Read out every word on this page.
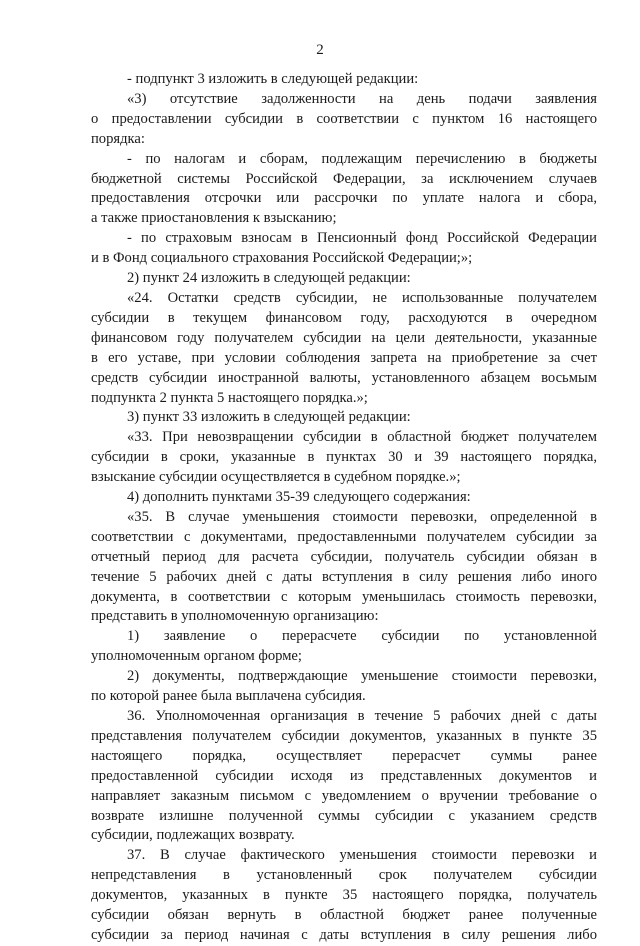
2

- подпункт 3 изложить в следующей редакции:

«3)   отсутствие   задолженности   на   день   подачи   заявления

о предоставлении субсидии в соответствии с пунктом 16 настоящего

порядка:

- по налогам и сборам, подлежащим перечислению в бюджеты

бюджетной системы Российской Федерации, за исключением случаев

предоставления отсрочки или рассрочки по уплате налога и сбора,

а также приостановления к взысканию;

- по страховым взносам в Пенсионный фонд Российской Федерации

и в Фонд социального страхования Российской Федерации;»;

2) пункт 24 изложить в следующей редакции:

«24. Остатки средств субсидии, не использованные получателем

субсидии в текущем финансовом году, расходуются в очередном

финансовом году получателем субсидии на цели деятельности, указанные

в его уставе, при условии соблюдения запрета на приобретение за счет

средств субсидии иностранной валюты, установленного абзацем восьмым

подпункта 2 пункта 5 настоящего порядка.»;

3) пункт 33 изложить в следующей редакции:

«33. При невозвращении субсидии в областной бюджет получателем

субсидии в сроки, указанные в пунктах 30 и 39 настоящего порядка,

взыскание субсидии осуществляется в судебном порядке.»;

4) дополнить пунктами 35-39 следующего содержания:

«35. В случае уменьшения стоимости перевозки, определенной в

соответствии с документами, предоставленными получателем субсидии за

отчетный период для расчета субсидии, получатель субсидии обязан в

течение 5 рабочих дней с даты вступления в силу решения либо иного

документа, в соответствии с которым уменьшилась стоимость перевозки,

представить в уполномоченную организацию:

1)   заявление   о   перерасчете   субсидии   по   установленной

уполномоченным органом форме;

2) документы, подтверждающие уменьшение стоимости перевозки,

по которой ранее была выплачена субсидия.

36. Уполномоченная организация в течение 5 рабочих дней с даты

представления получателем субсидии документов, указанных в пункте 35

настоящего    порядка,    осуществляет    перерасчет    суммы    ранее

предоставленной субсидии исходя из представленных документов и

направляет заказным письмом с уведомлением о вручении требование о

возврате излишне полученной суммы субсидии с указанием средств

субсидии, подлежащих возврату.

37. В случае фактического уменьшения стоимости перевозки и

непредставления   в   установленный   срок   получателем   субсидии

документов, указанных в пункте 35 настоящего порядка, получатель

субсидии обязан вернуть в областной бюджет ранее полученные

субсидии за период начиная с даты вступления в силу решения либо
